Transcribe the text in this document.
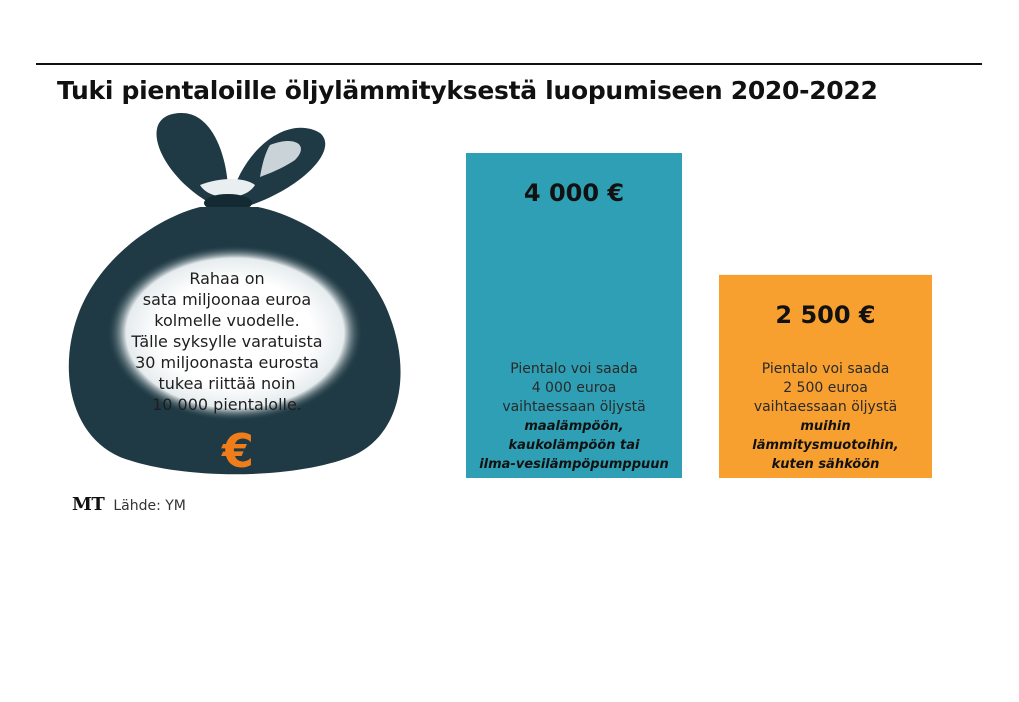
Tuki pientaloille öljylämmityksestä luopumiseen 2020-2022
€
Rahaa on
sata miljoonaa euroa
kolmelle vuodelle.
Tälle syksylle varatuista
30 miljoonasta eurosta
tukea riittää noin
10 000 pientalolle.
MT Lähde: YM
4 000 €
Pientalo voi saada
4 000 euroa
vaihtaessaan öljystä
maalämpöön,
kaukolämpöön tai
ilma-vesilämpöpumppuun
2 500 €
Pientalo voi saada
2 500 euroa
vaihtaessaan öljystä
muihin
lämmitysmuotoihin,
kuten sähköön
